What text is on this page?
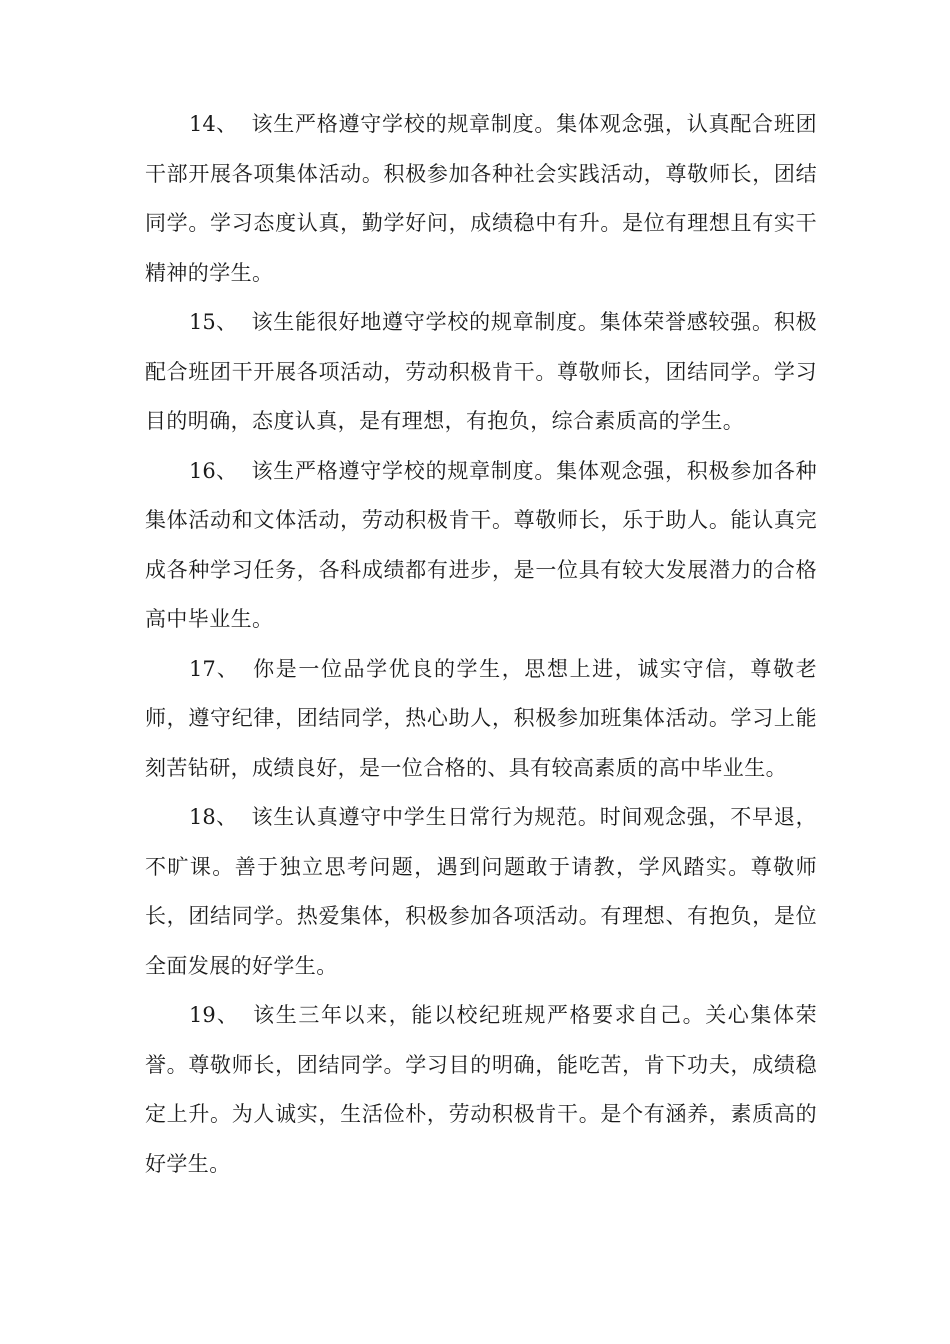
14、 该生严格遵守学校的规章制度。集体观念强，认真配合班团干部开展各项集体活动。积极参加各种社会实践活动，尊敬师长，团结同学。学习态度认真，勤学好问，成绩稳中有升。是位有理想且有实干精神的学生。

15、 该生能很好地遵守学校的规章制度。集体荣誉感较强。积极配合班团干开展各项活动，劳动积极肯干。尊敬师长，团结同学。学习目的明确，态度认真，是有理想，有抱负，综合素质高的学生。

16、 该生严格遵守学校的规章制度。集体观念强，积极参加各种集体活动和文体活动，劳动积极肯干。尊敬师长，乐于助人。能认真完成各种学习任务，各科成绩都有进步，是一位具有较大发展潜力的合格高中毕业生。

17、 你是一位品学优良的学生，思想上进，诚实守信，尊敬老师，遵守纪律，团结同学，热心助人，积极参加班集体活动。学习上能刻苦钻研，成绩良好，是一位合格的、具有较高素质的高中毕业生。

18、 该生认真遵守中学生日常行为规范。时间观念强，不早退，不旷课。善于独立思考问题，遇到问题敢于请教，学风踏实。尊敬师长，团结同学。热爱集体，积极参加各项活动。有理想、有抱负，是位全面发展的好学生。

19、 该生三年以来，能以校纪班规严格要求自己。关心集体荣誉。尊敬师长，团结同学。学习目的明确，能吃苦，肯下功夫，成绩稳定上升。为人诚实，生活俭朴，劳动积极肯干。是个有涵养，素质高的好学生。
